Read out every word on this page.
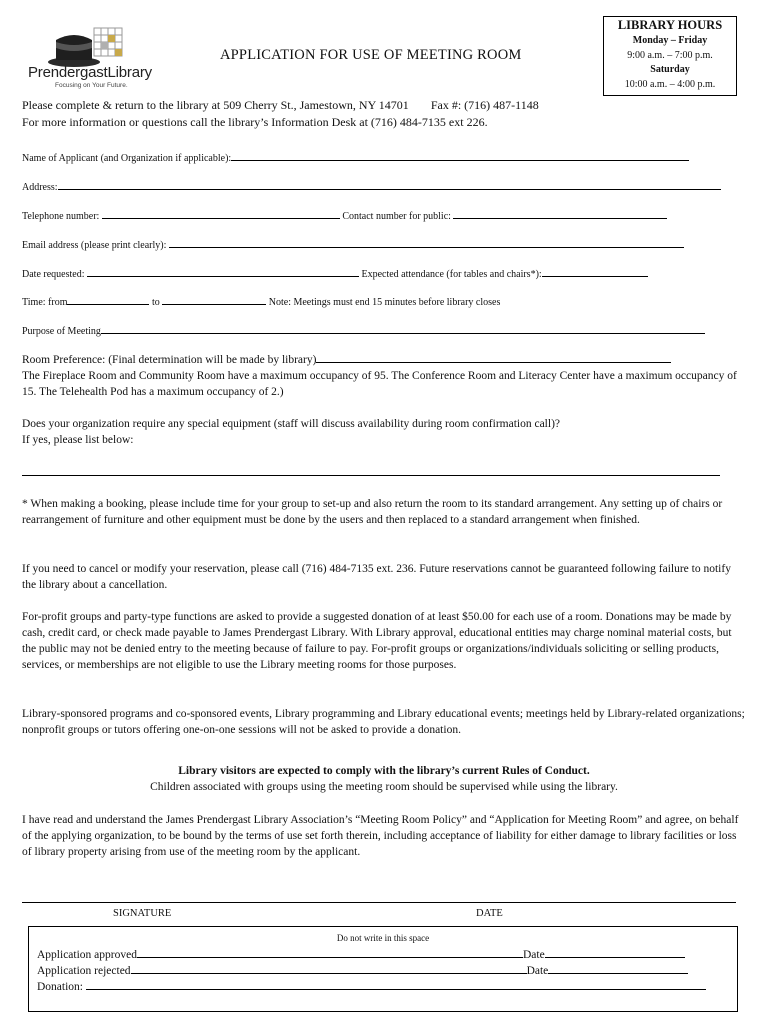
PrendergastLibrary
Focusing on Your Future.
APPLICATION FOR USE OF MEETING ROOM
LIBRARY HOURS
Monday – Friday
9:00 a.m. – 7:00 p.m.
Saturday
10:00 a.m. – 4:00 p.m.
Please complete & return to the library at 509 Cherry St., Jamestown, NY 14701 Fax #: (716) 487-1148
For more information or questions call the library’s Information Desk at (716) 484-7135 ext 226.
Name of Applicant (and Organization if applicable):
Address:
Telephone number:	Contact number for public:
Email address (please print clearly):
Date requested:	Expected attendance (for tables and chairs*):
Time: from	to	Note: Meetings must end 15 minutes before library closes
Purpose of Meeting
Room Preference: (Final determination will be made by library)
The Fireplace Room and Community Room have a maximum occupancy of 95. The Conference Room and Literacy Center have a maximum occupancy of 15. The Telehealth Pod has a maximum occupancy of 2.)
Does your organization require any special equipment (staff will discuss availability during room confirmation call)?
If yes, please list below:
* When making a booking, please include time for your group to set-up and also return the room to its standard arrangement. Any setting up of chairs or rearrangement of furniture and other equipment must be done by the users and then replaced to a standard arrangement when finished.
If you need to cancel or modify your reservation, please call (716) 484-7135 ext. 236. Future reservations cannot be guaranteed following failure to notify the library about a cancellation.
For-profit groups and party-type functions are asked to provide a suggested donation of at least $50.00 for each use of a room. Donations may be made by cash, credit card, or check made payable to James Prendergast Library. With Library approval, educational entities may charge nominal material costs, but the public may not be denied entry to the meeting because of failure to pay. For-profit groups or organizations/individuals soliciting or selling products, services, or memberships are not eligible to use the Library meeting rooms for those purposes.
Library-sponsored programs and co-sponsored events, Library programming and Library educational events; meetings held by Library-related organizations; nonprofit groups or tutors offering one-on-one sessions will not be asked to provide a donation.
Library visitors are expected to comply with the library’s current Rules of Conduct.
Children associated with groups using the meeting room should be supervised while using the library.
I have read and understand the James Prendergast Library Association’s “Meeting Room Policy” and “Application for Meeting Room” and agree, on behalf of the applying organization, to be bound by the terms of use set forth therein, including acceptance of liability for either damage to library facilities or loss of library property arising from use of the meeting room by the applicant.
SIGNATURE	DATE
Do not write in this space
Application approved	Date
Application rejected	Date
Donation:
